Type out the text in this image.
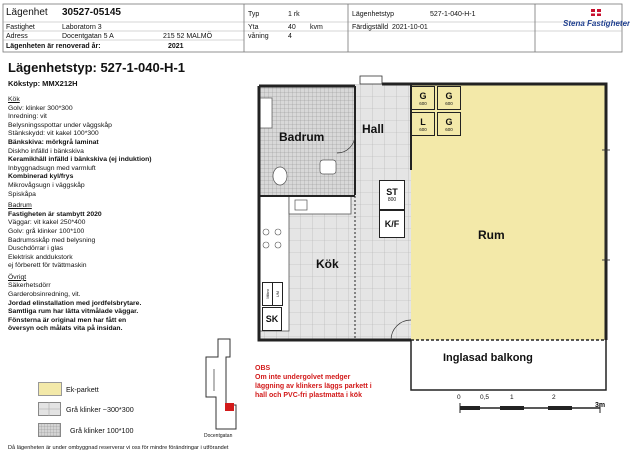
Lägenhet 30527-05145
Fastighet	Laboratorn 3
Adress	Docentgatan 5 A	215 52 MALMÖ
Lägenheten är renoverad år:	2021
Typ	1 rk
Yta	40 kvm
våning	4
Lägenhetstyp	527-1-040-H-1
Färdigställd 2021-10-01	Stena Fastigheter
Lägenhetstyp: 527-1-040-H-1
Kökstyp: MMX212H
Kök
Golv: klinker 300*300
Inredning: vit
Belysningsspottar under väggskåp
Stänkskydd: vit kakel 100*300
Bänkskiva: mörkgrå laminat
Diskho infälld i bänkskiva
Keramikhäll infälld i bänkskiva (ej induktion)
Inbyggnadsugn med varmluft
Kombinerad kyl/frys
Mikrovågsugn i väggskåp
Spiskåpa
Badrum
Fastigheten är stambytt 2020
Väggar: vit kakel 250*400
Golv: grå klinker 100*100
Badrumsskåp med belysning
Duschdörrar i glas
Elektrisk anddukstork
ej förberett för tvättmaskin
Övrigt
Säkerhetsdörr
Garderobsinredning, vit.
Jordad elinstallation med jordfelsbrytare.
Samtliga rum har lätta vitmålade väggar.
Fönsterna är original men har fått en
översyn och målats vita på insidan.
Ek-parkett
Grå klinker ~300*300
Grå klinker 100*100
Docentgatan
Då lägenheten är under ombyggnad reserverar vi oss för mindre förändringar i utförandet
Badrum
Hall
Kök
Rum
Inglasad balkong
ST
800
K/F
SK
Mikro UM
G
600
G
600
L
600
G
600
OBS
Om inte undergolvet medger
läggning av klinkers läggs parkett i
hall och PVC-fri plastmatta i kök	0	0,5	1	2
3m
